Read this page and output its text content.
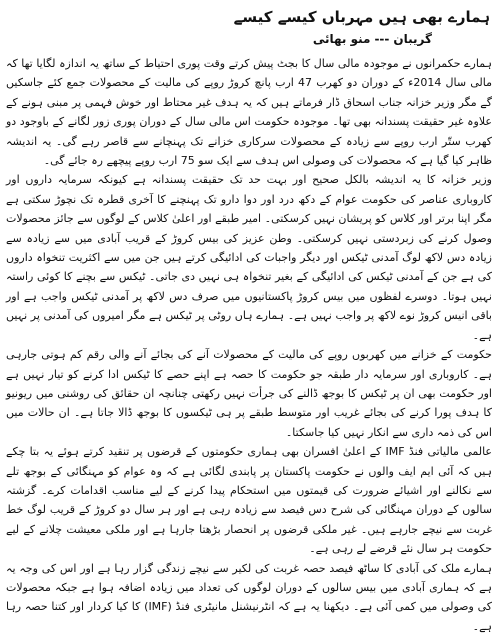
ہمارے بھی ہیں مہرباں کیسے کیسے
گریبان---منو بھائی

ہمارے حکمرانوں نے موجودہ مالی سال کا بجٹ پیش کرتے وقت پوری احتیاط کے ساتھ یہ اندازہ لگایا تھا کہ مالی سال 2014ء کے دوران دو کھرب 47 ارب پانچ کروڑ روپے کی مالیت کے محصولات جمع کئے جاسکیں گے مگر وزیر خزانہ جناب اسحاق ڈار فرماتے ہیں کہ یہ ہدف غیر محتاط اور خوش فہمی پر مبنی ہونے کے علاوہ غیر حقیقت پسندانہ بھی تھا۔ موجودہ حکومت اس مالی سال کے دوران پوری زور لگانے کے باوجود دو کھرب ستّر ارب روپے سے زیادہ کے محصولات سرکاری خزانے تک پہنچانے سے قاصر رہے گی۔ یہ اندیشہ ظاہر کیا گیا ہے کہ محصولات کی وصولی اس ہدف سے ایک سو 75 ارب روپے پیچھے رہ جائے گی۔

وزیر خزانہ کا یہ اندیشہ بالکل صحیح اور بہت حد تک حقیقت پسندانہ ہے کیونکہ سرمایہ داروں اور کاروباری عناصر کی حکومت عوام کے دکھ درد اور دوا دارو تک پہنچنے کا آخری قطرہ تک نچوڑ سکتی ہے مگر اپنا برتر اور کلاس کو پریشان نہیں کرسکتی۔ امیر طبقے اور اعلیٰ کلاس کے لوگوں سے جائز محصولات وصول کرنے کی زبردستی نہیں کرسکتی۔ وطن عزیز کی بیس کروڑ کے قریب آبادی میں سے زیادہ سے زیادہ دس لاکھ لوگ آمدنی ٹیکس اور دیگر واجبات کی ادائیگی کرتے ہیں جن میں سے اکثریت تنخواہ داروں کی ہے جن کے آمدنی ٹیکس کی ادائیگی کے بغیر تنخواہ ہی نہیں دی جاتی۔ ٹیکس سے بچنے کا کوئی راستہ نہیں ہوتا۔ دوسرے لفظوں میں بیس کروڑ پاکستانیوں میں صرف دس لاکھ پر آمدنی ٹیکس واجب ہے اور باقی انیس کروڑ نوے لاکھ پر واجب نہیں ہے۔ ہمارے ہاں روٹی پر ٹیکس ہے مگر امیروں کی آمدنی پر نہیں ہے۔

حکومت کے خزانے میں کھربوں روپے کی مالیت کے محصولات آنے کی بجائے آنے والی رقم کم ہوتی جارہی ہے۔ کاروباری اور سرمایہ دار طبقہ جو حکومت کا حصہ ہے اپنے حصے کا ٹیکس ادا کرنے کو تیار نہیں ہے اور حکومت بھی ان پر ٹیکس کا بوجھ ڈالنے کی جرأت نہیں رکھتی چنانچہ ان حقائق کی روشنی میں ریونیو کا ہدف پورا کرنے کی بجائے غریب اور متوسط طبقے پر ہی ٹیکسوں کا بوجھ ڈالا جاتا ہے۔ ان حالات میں اس کی ذمہ داری سے انکار نہیں کیا جاسکتا۔

عالمی مالیاتی فنڈ IMF کے اعلیٰ افسران بھی ہماری حکومتوں کے قرضوں پر تنقید کرتے ہوئے یہ بتا چکے ہیں کہ آئی ایم ایف والوں نے حکومت پاکستان پر پابندی لگائی ہے کہ وہ عوام کو مہنگائی کے بوجھ تلے سے نکالنے اور اشیائے ضرورت کی قیمتوں میں استحکام پیدا کرنے کے لیے مناسب اقدامات کرے۔ گزشتہ سالوں کے دوران مہنگائی کی شرح دس فیصد سے زیادہ رہی ہے اور ہر سال دو کروڑ کے قریب لوگ خط غربت سے نیچے جارہے ہیں۔ غیر ملکی قرضوں پر انحصار بڑھتا جارہا ہے اور ملکی معیشت چلانے کے لیے حکومت ہر سال نئے قرضے لے رہی ہے۔

ہمارے ملک کی آبادی کا ساٹھ فیصد حصہ غربت کی لکیر سے نیچے زندگی گزار رہا ہے اور اس کی وجہ یہ ہے کہ ہماری آبادی میں بیس سالوں کے دوران لوگوں کی تعداد میں زیادہ اضافہ ہوا ہے جبکہ محصولات کی وصولی میں کمی آئی ہے۔ دیکھنا یہ ہے کہ انٹرنیشنل مانیٹری فنڈ (IMF) کا کیا کردار اور کتنا حصہ رہا ہے۔
